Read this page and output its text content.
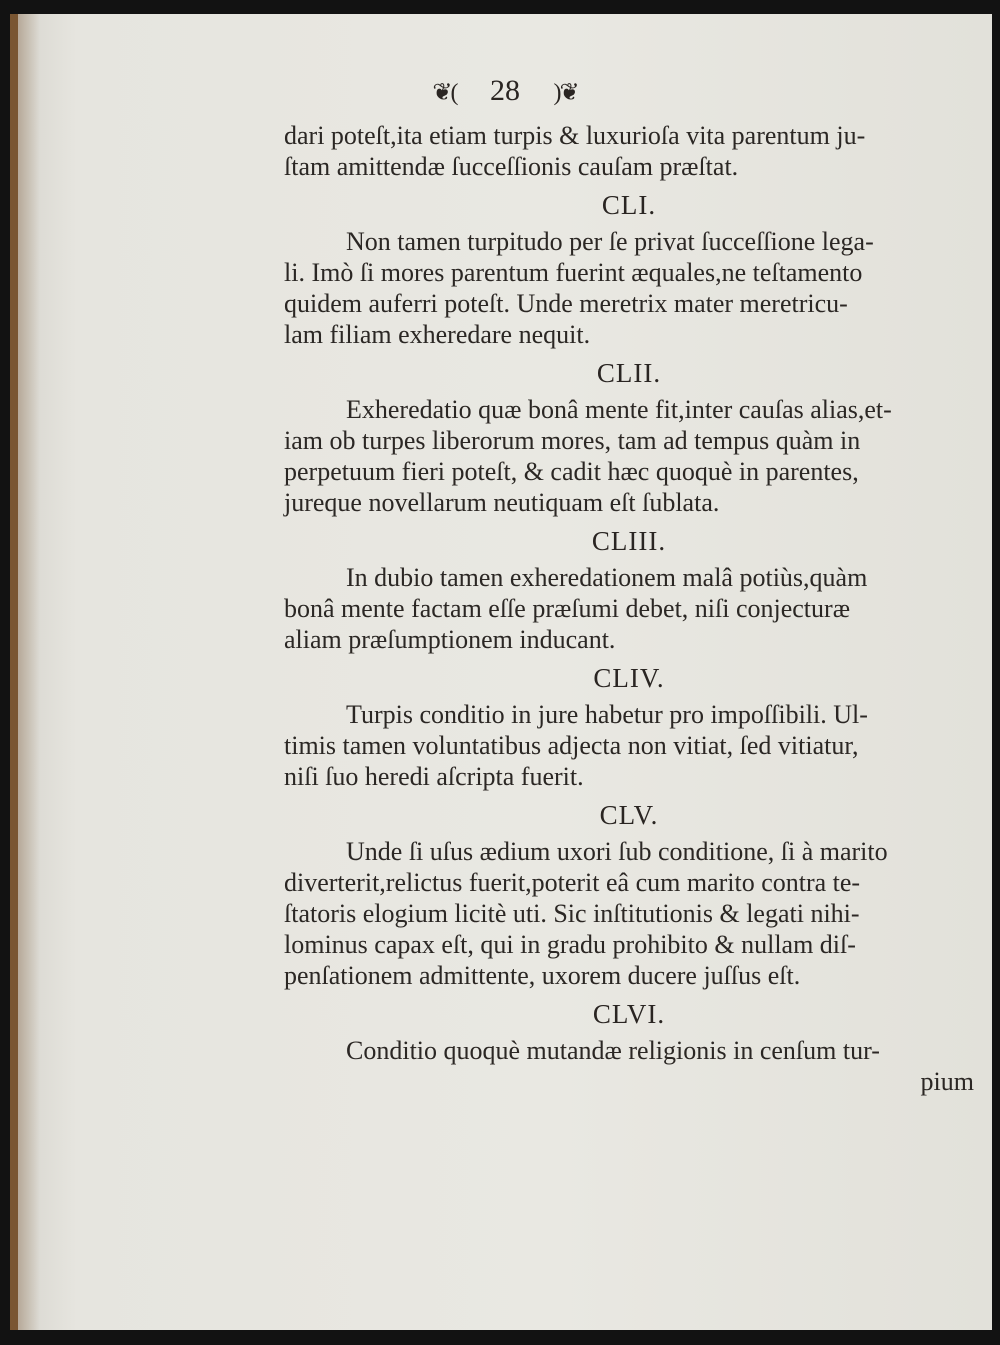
❦( 28 )❦
dari poteſt,ita etiam turpis & luxurioſa vita parentum ju-
ſtam amittendæ ſucceſſionis cauſam præſtat.
CLI.
Non tamen turpitudo per ſe privat ſucceſſione lega-
li. Imò ſi mores parentum fuerint æquales,ne teſtamento
quidem auferri poteſt. Unde meretrix mater meretricu-
lam filiam exheredare nequit.
CLII.
Exheredatio quæ bonâ mente fit,inter cauſas alias,et-
iam ob turpes liberorum mores, tam ad tempus quàm in
perpetuum fieri poteſt, & cadit hæc quoquè in parentes,
jureque novellarum neutiquam eſt ſublata.
CLIII.
In dubio tamen exheredationem malâ potiùs,quàm
bonâ mente factam eſſe præſumi debet, niſi conjecturæ
aliam præſumptionem inducant.
CLIV.
Turpis conditio in jure habetur pro impoſſibili. Ul-
timis tamen voluntatibus adjecta non vitiat, ſed vitiatur,
niſi ſuo heredi aſcripta fuerit.
CLV.
Unde ſi uſus ædium uxori ſub conditione, ſi à marito
diverterit,relictus fuerit,poterit eâ cum marito contra te-
ſtatoris elogium licitè uti. Sic inſtitutionis & legati nihi-
lominus capax eſt, qui in gradu prohibito & nullam diſ-
penſationem admittente, uxorem ducere juſſus eſt.
CLVI.
Conditio quoquè mutandæ religionis in cenſum tur-
pium
